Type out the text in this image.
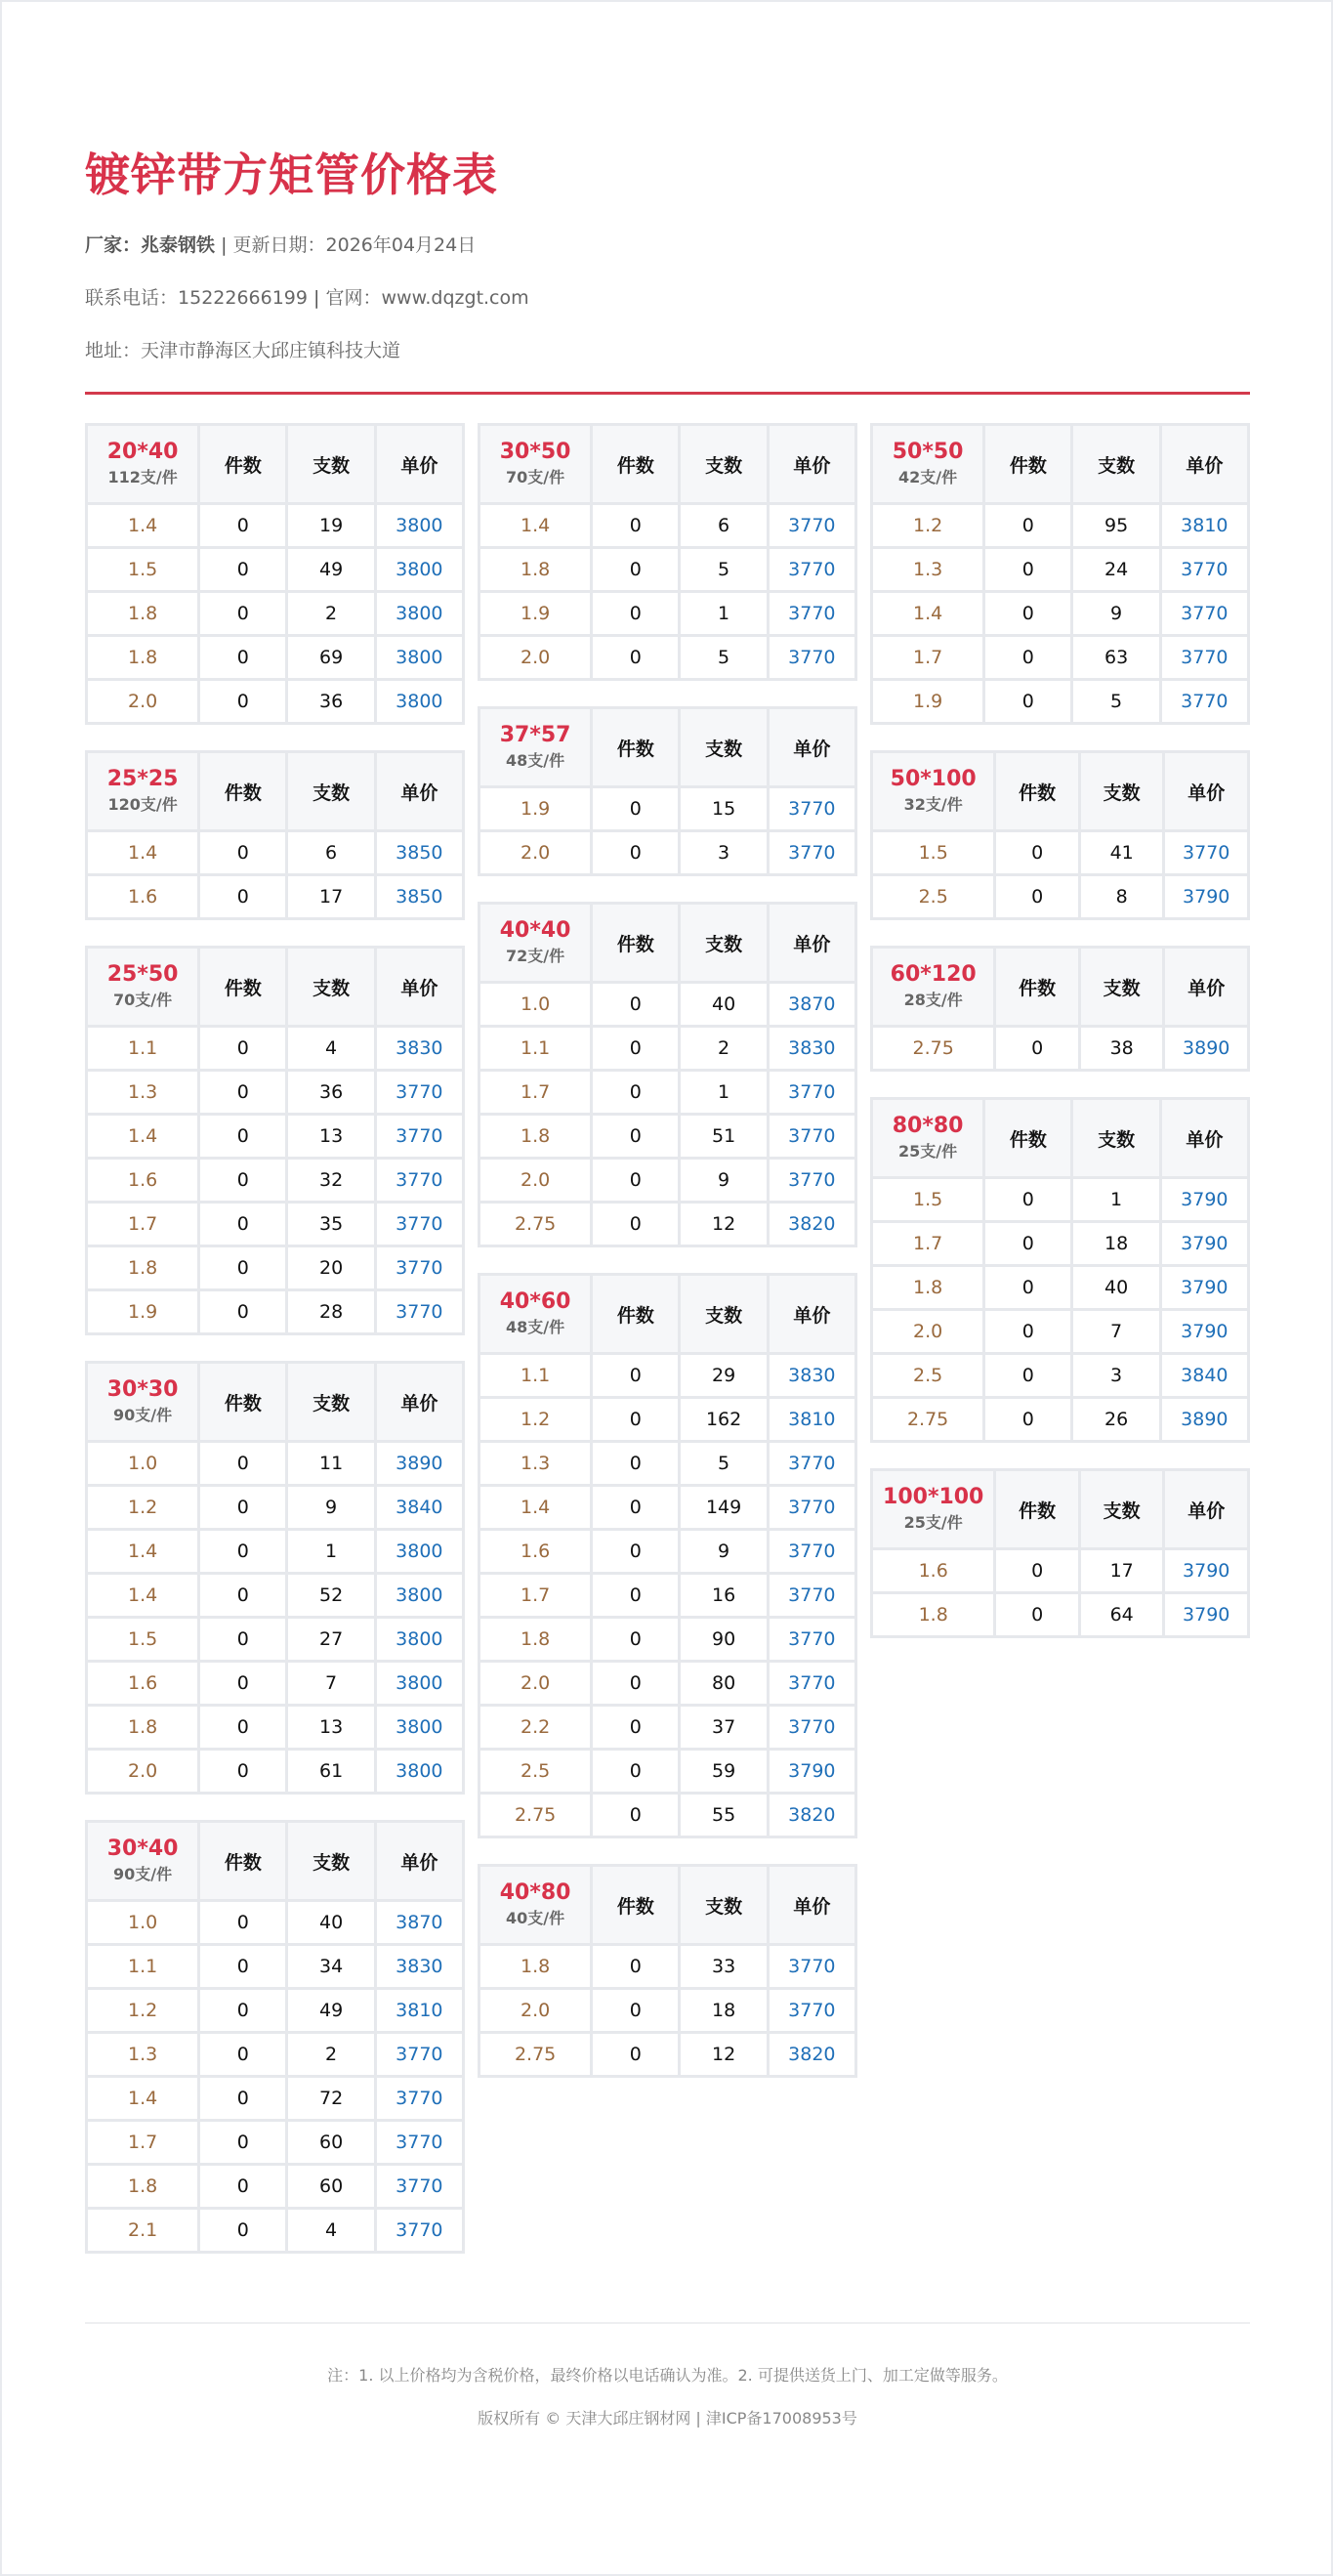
镀锌带方矩管价格表
厂家：兆泰钢铁 | 更新日期：2026年04月24日
联系电话：15222666199 | 官网：www.dqzgt.com
地址：天津市静海区大邱庄镇科技大道
20*40
112支/件	件数	支数	单价
1.4	0	19	3800
1.5	0	49	3800
1.8	0	2	3800
1.8	0	69	3800
2.0	0	36	3800
25*25
120支/件	件数	支数	单价
1.4	0	6	3850
1.6	0	17	3850
25*50
70支/件	件数	支数	单价
1.1	0	4	3830
1.3	0	36	3770
1.4	0	13	3770
1.6	0	32	3770
1.7	0	35	3770
1.8	0	20	3770
1.9	0	28	3770
30*30
90支/件	件数	支数	单价
1.0	0	11	3890
1.2	0	9	3840
1.4	0	1	3800
1.4	0	52	3800
1.5	0	27	3800
1.6	0	7	3800
1.8	0	13	3800
2.0	0	61	3800
30*40
90支/件	件数	支数	单价
1.0	0	40	3870
1.1	0	34	3830
1.2	0	49	3810
1.3	0	2	3770
1.4	0	72	3770
1.7	0	60	3770
1.8	0	60	3770
2.1	0	4	3770
30*50
70支/件	件数	支数	单价
1.4	0	6	3770
1.8	0	5	3770
1.9	0	1	3770
2.0	0	5	3770
37*57
48支/件	件数	支数	单价
1.9	0	15	3770
2.0	0	3	3770
40*40
72支/件	件数	支数	单价
1.0	0	40	3870
1.1	0	2	3830
1.7	0	1	3770
1.8	0	51	3770
2.0	0	9	3770
2.75	0	12	3820
40*60
48支/件	件数	支数	单价
1.1	0	29	3830
1.2	0	162	3810
1.3	0	5	3770
1.4	0	149	3770
1.6	0	9	3770
1.7	0	16	3770
1.8	0	90	3770
2.0	0	80	3770
2.2	0	37	3770
2.5	0	59	3790
2.75	0	55	3820
40*80
40支/件	件数	支数	单价
1.8	0	33	3770
2.0	0	18	3770
2.75	0	12	3820
50*50
42支/件	件数	支数	单价
1.2	0	95	3810
1.3	0	24	3770
1.4	0	9	3770
1.7	0	63	3770
1.9	0	5	3770
50*100
32支/件	件数	支数	单价
1.5	0	41	3770
2.5	0	8	3790
60*120
28支/件	件数	支数	单价
2.75	0	38	3890
80*80
25支/件	件数	支数	单价
1.5	0	1	3790
1.7	0	18	3790
1.8	0	40	3790
2.0	0	7	3790
2.5	0	3	3840
2.75	0	26	3890
100*100
25支/件	件数	支数	单价
1.6	0	17	3790
1.8	0	64	3790
注：1. 以上价格均为含税价格，最终价格以电话确认为准。2. 可提供送货上门、加工定做等服务。
版权所有 © 天津大邱庄钢材网 | 津ICP备17008953号
